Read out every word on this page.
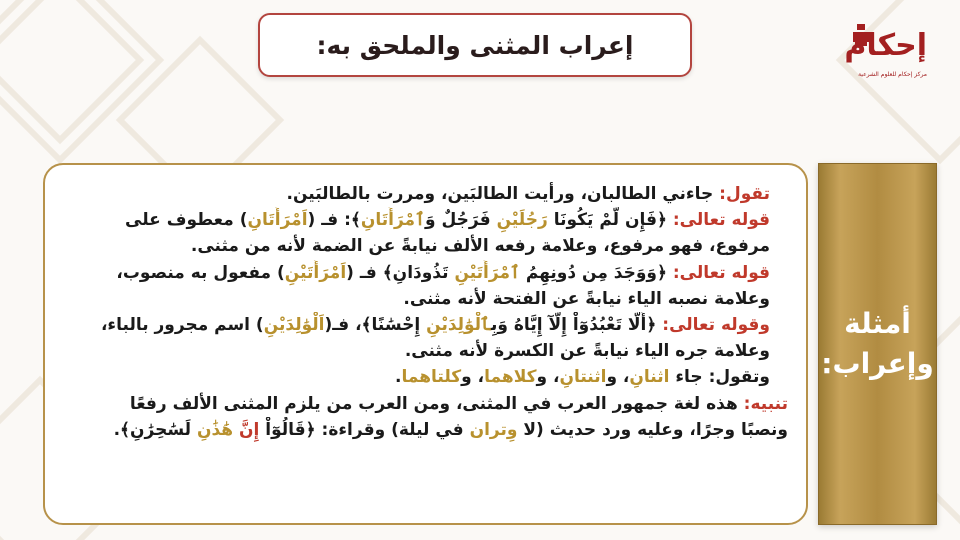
إعراب المثنى والملحق به:	إحكام
مركز إحكام للعلوم الشرعية
• تقول: جاءني الطالبان، ورأيت الطالبَين، ومررت بالطالبَين.
• قوله تعالى: ﴿فَإِن لَّمْ يَكُونَا رَجُلَيْنِ فَرَجُلٌ وَٱمْرَأَتَانِ﴾: فـ (اَمْرَأَتَانِ) معطوف على
مرفوع، فهو مرفوع، وعلامة رفعه الألف نيابةً عن الضمة لأنه من مثنى.
• قوله تعالى: ﴿وَوَجَدَ مِن دُونِهِمُ ٱمْرَأَتَيْنِ تَذُودَانِ﴾ فـ (اَمْرَأَتَيْنِ) مفعول به منصوب،
وعلامة نصبه الياء نيابةً عن الفتحة لأنه مثنى.
• وقوله تعالى: ﴿أَلَّا تَعْبُدُوٓاْ إِلَّآ إِيَّاهُ وَبِٱلْوَٰلِدَيْنِ إِحْسَٰنًا﴾، فـ(اَلْوَٰلِدَيْنِ) اسم مجرور بالباء،
وعلامة جره الياء نيابةً عن الكسرة لأنه مثنى.
• وتقول: جاء اثنانِ، واثنتانِ، وكلاهما، وكلتاهما.
تنبيه: هذه لغة جمهور العرب في المثنى، ومن العرب من يلزم المثنى الألف رفعًا
ونصبًا وجرًا، وعليه ورد حديث (لا وِتران في ليلة) وقراءة: ﴿قَالُوٓاْ إِنَّ هَٰذَٰنِ لَسَٰحِرَٰنِ﴾.
أمثلة
وإعراب:
